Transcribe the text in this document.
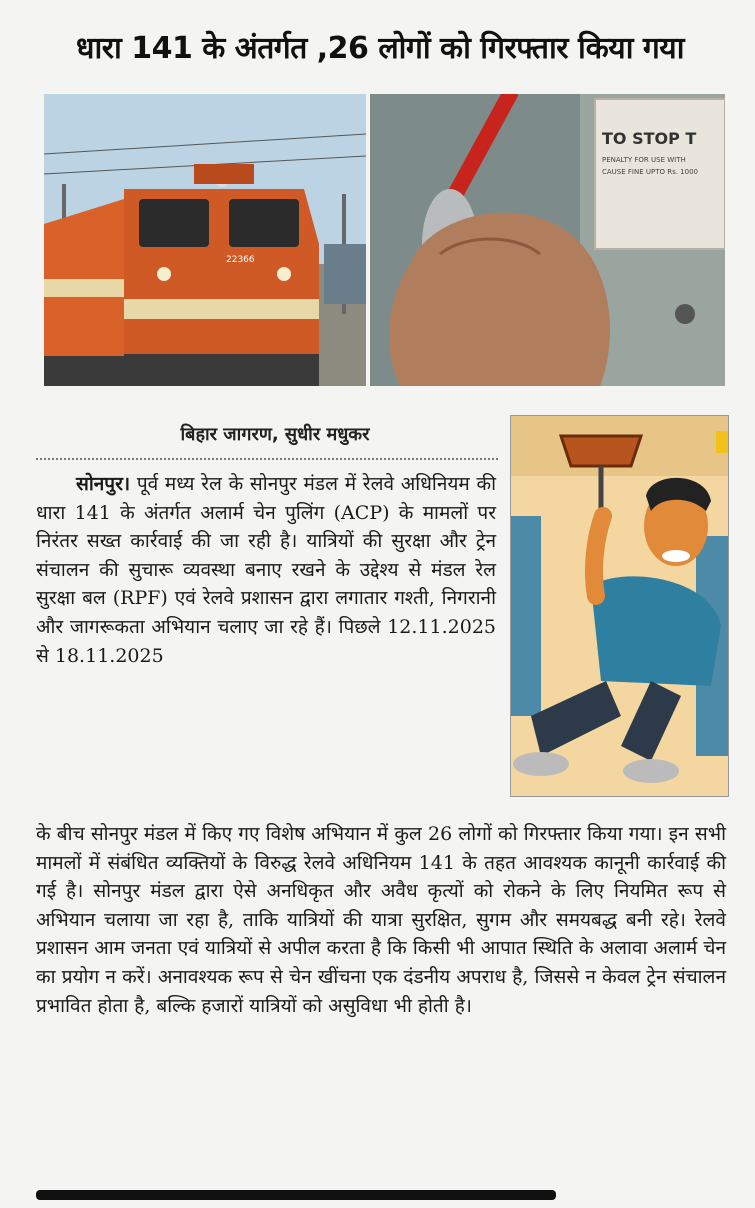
धारा 141 के अंतर्गत ,26 लोगों को गिरफ्तार किया गया
22366
TO STOP T
PENALTY FOR USE WITH
CAUSE FINE UPTO Rs. 1000
बिहार जागरण, सुधीर मधुकर
सोनपुर। पूर्व मध्य रेल के सोनपुर मंडल में रेलवे अधिनियम की धारा 141 के अंतर्गत अलार्म चेन पुलिंग (ACP) के मामलों पर निरंतर सख्त कार्रवाई की जा रही है। यात्रियों की सुरक्षा और ट्रेन संचालन की सुचारू व्यवस्था बनाए रखने के उद्देश्य से मंडल रेल सुरक्षा बल (RPF) एवं रेलवे प्रशासन द्वारा लगातार गश्ती, निगरानी और जागरूकता अभियान चलाए जा रहे हैं। पिछले 12.11.2025 से 18.11.2025
के बीच सोनपुर मंडल में किए गए विशेष अभियान में कुल 26 लोगों को गिरफ्तार किया गया। इन सभी मामलों में संबंधित व्यक्तियों के विरुद्ध रेलवे अधिनियम 141 के तहत आवश्यक कानूनी कार्रवाई की गई है। सोनपुर मंडल द्वारा ऐसे अनधिकृत और अवैध कृत्यों को रोकने के लिए नियमित रूप से अभियान चलाया जा रहा है, ताकि यात्रियों की यात्रा सुरक्षित, सुगम और समयबद्ध बनी रहे। रेलवे प्रशासन आम जनता एवं यात्रियों से अपील करता है कि किसी भी आपात स्थिति के अलावा अलार्म चेन का प्रयोग न करें। अनावश्यक रूप से चेन खींचना एक दंडनीय अपराध है, जिससे न केवल ट्रेन संचालन प्रभावित होता है, बल्कि हजारों यात्रियों को असुविधा भी होती है।
